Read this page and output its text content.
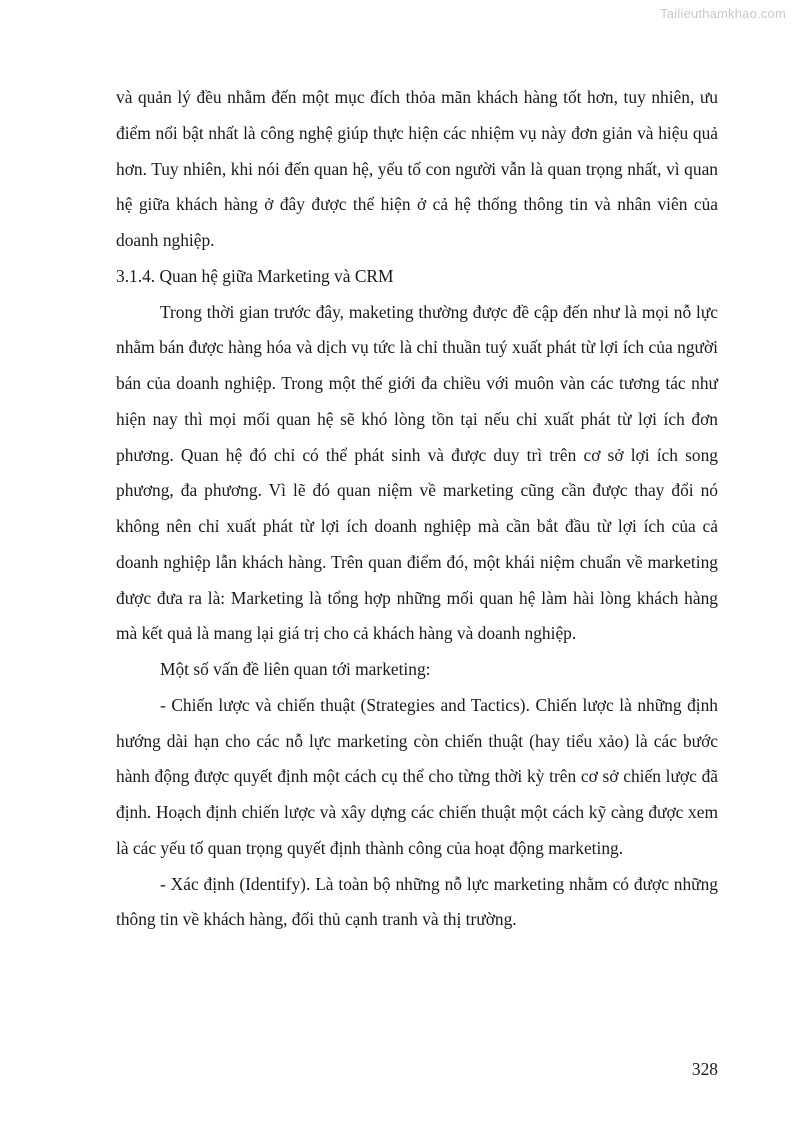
Tailieuthamkhao.com

và quản lý đều nhằm đến một mục đích thỏa mãn khách hàng tốt hơn, tuy nhiên, ưu điểm nổi bật nhất là công nghệ giúp thực hiện các nhiệm vụ này đơn giản và hiệu quả hơn. Tuy nhiên, khi nói đến quan hệ, yếu tố con người vẫn là quan trọng nhất, vì quan hệ giữa khách hàng ở đây được thể hiện ở cả hệ thống thông tin và nhân viên của doanh nghiệp.

3.1.4. Quan hệ giữa Marketing và CRM

Trong thời gian trước đây, maketing thường được đề cập đến như là mọi nỗ lực nhằm bán được hàng hóa và dịch vụ tức là chỉ thuần tuý xuất phát từ lợi ích của người bán của doanh nghiệp. Trong một thế giới đa chiều với muôn vàn các tương tác như hiện nay thì mọi mối quan hệ sẽ khó lòng tồn tại nếu chỉ xuất phát từ lợi ích đơn phương. Quan hệ đó chỉ có thể phát sinh và được duy trì trên cơ sở lợi ích song phương, đa phương. Vì lẽ đó quan niệm về marketing cũng cần được thay đổi nó không nên chỉ xuất phát từ lợi ích doanh nghiệp mà cần bắt đầu từ lợi ích của cả doanh nghiệp lẫn khách hàng. Trên quan điểm đó, một khái niệm chuẩn về marketing được đưa ra là: Marketing là tổng hợp những mối quan hệ làm hài lòng khách hàng mà kết quả là mang lại giá trị cho cả khách hàng và doanh nghiệp.

Một số vấn đề liên quan tới marketing:

- Chiến lược và chiến thuật (Strategies and Tactics). Chiến lược là những định hướng dài hạn cho các nỗ lực marketing còn chiến thuật (hay tiểu xảo) là các bước hành động được quyết định một cách cụ thể cho từng thời kỳ trên cơ sở chiến lược đã định. Hoạch định chiến lược và xây dựng các chiến thuật một cách kỹ càng được xem là các yếu tố quan trọng quyết định thành công của hoạt động marketing.

- Xác định (Identify). Là toàn bộ những nỗ lực marketing nhằm có được những thông tin về khách hàng, đối thủ cạnh tranh và thị trường.

328
